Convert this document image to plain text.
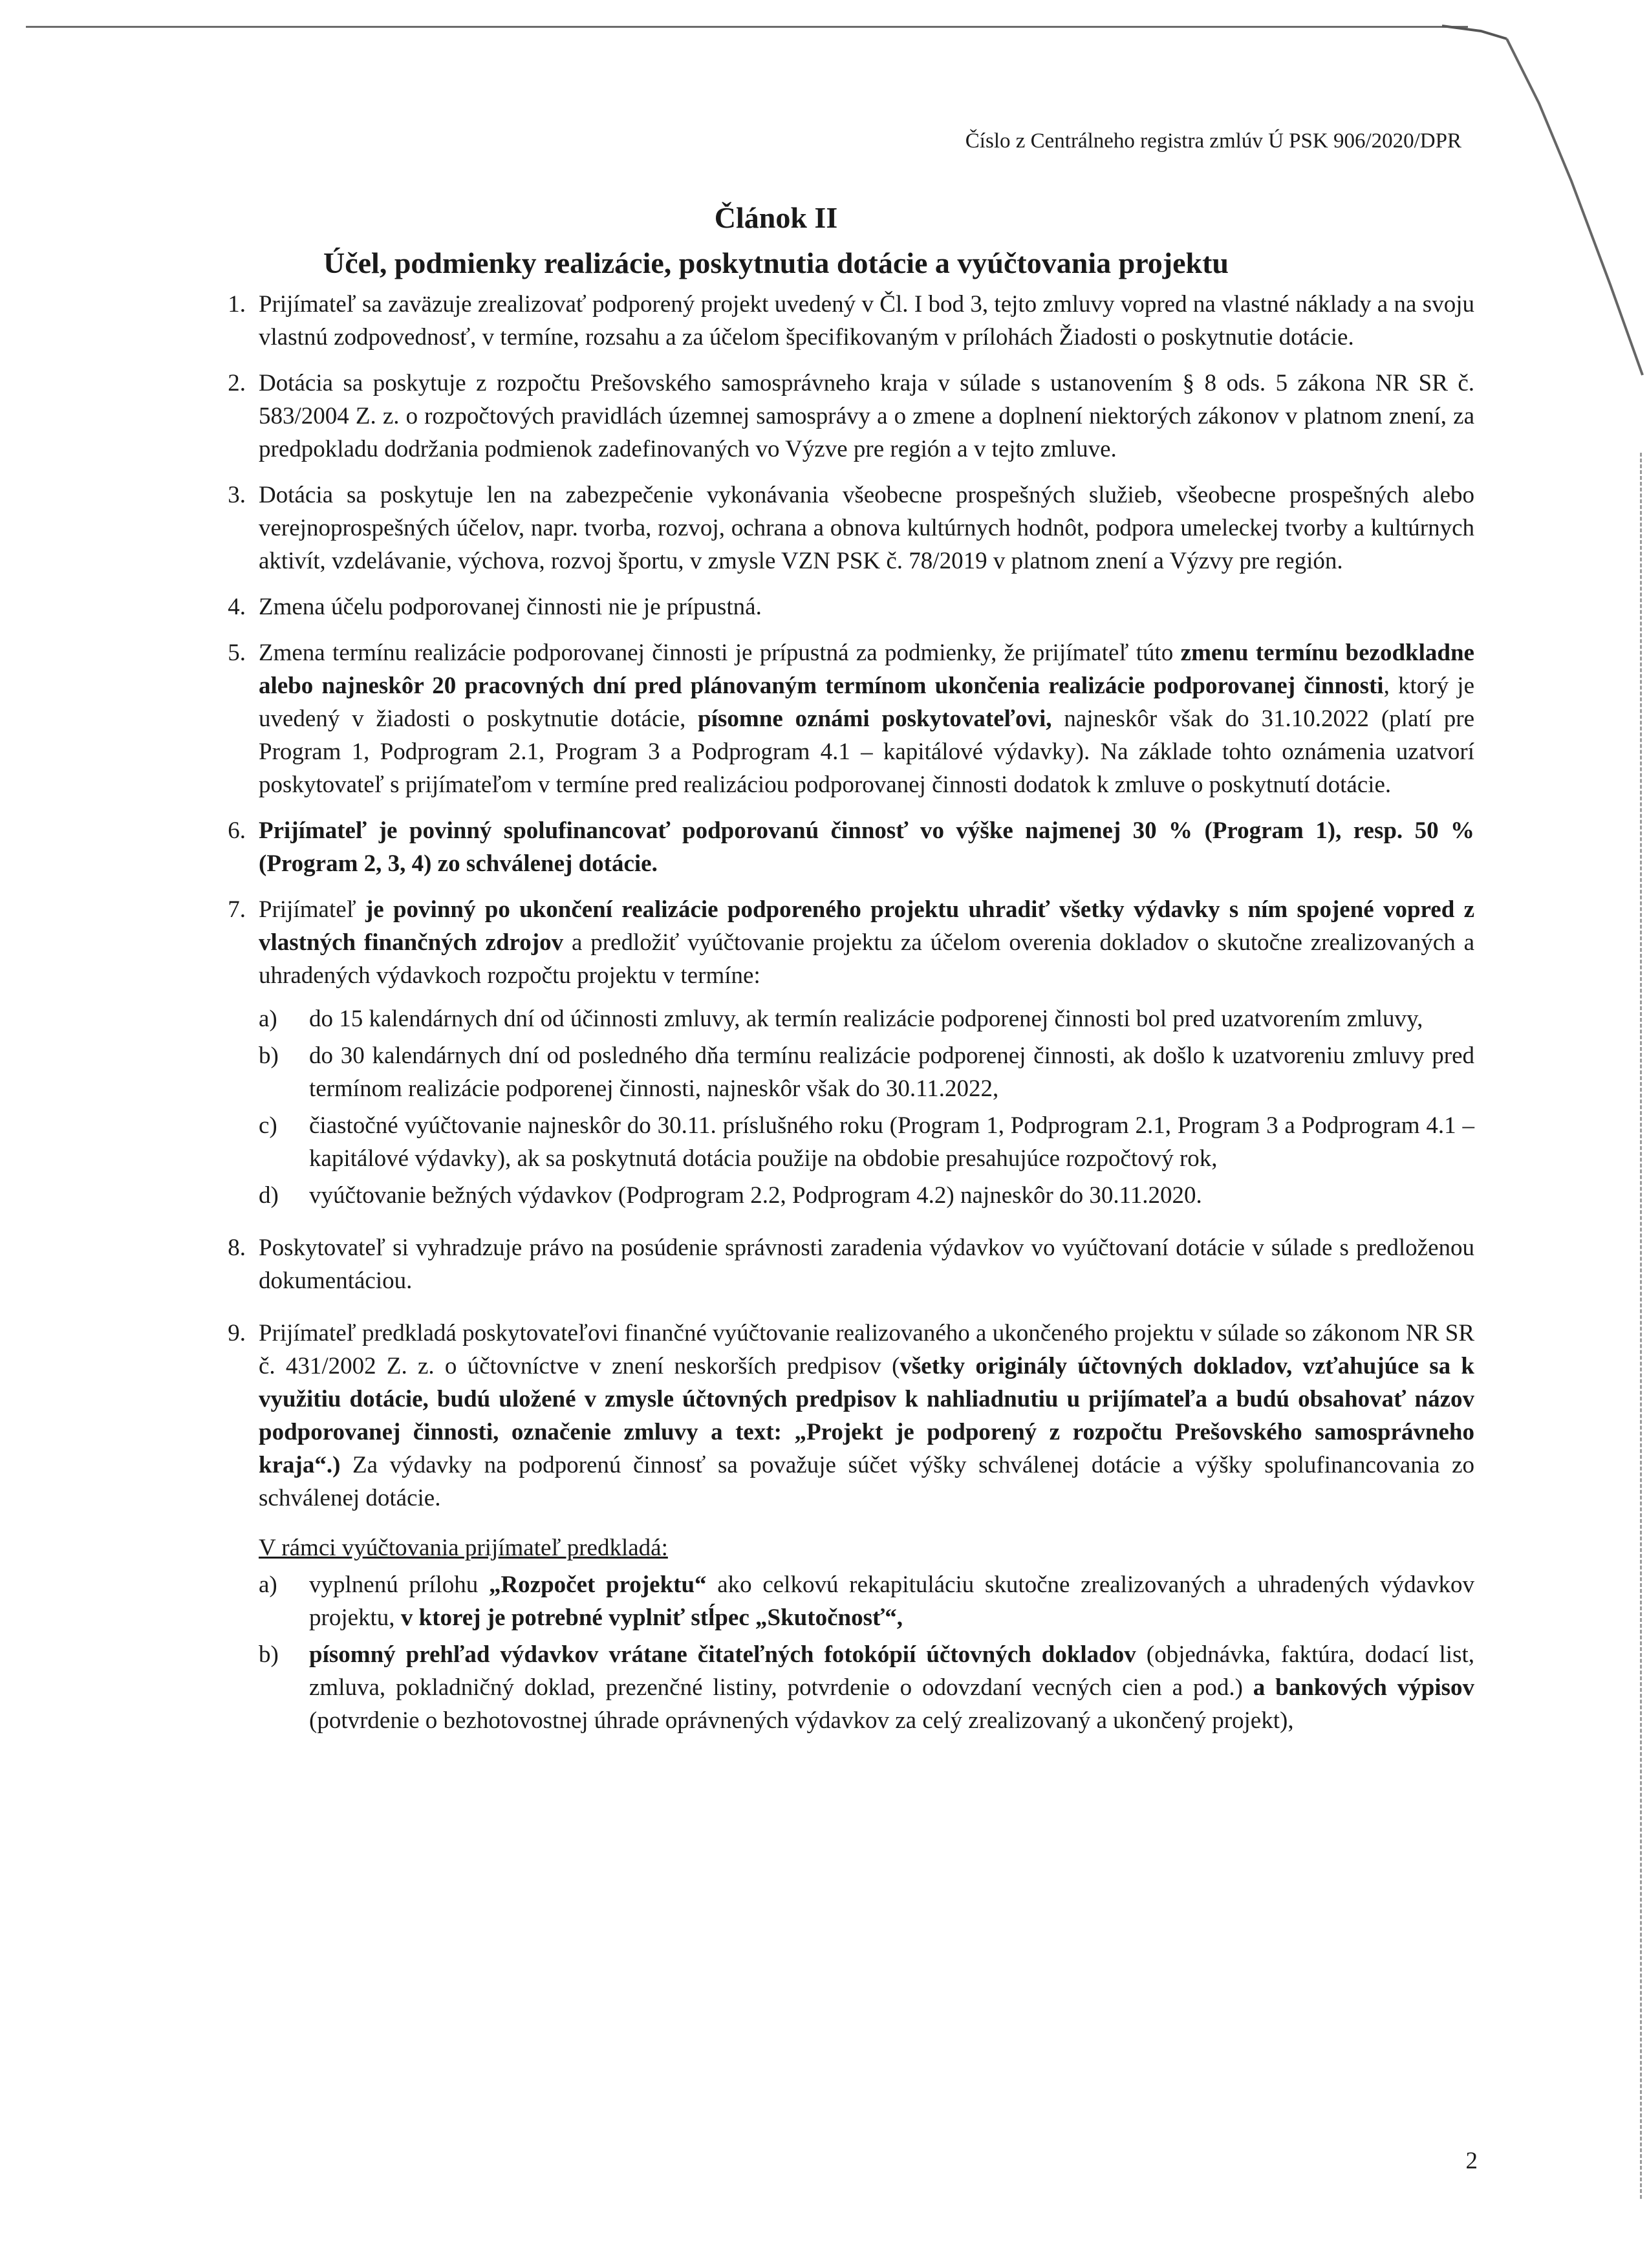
Číslo z Centrálneho registra zmlúv Ú PSK 906/2020/DPR
Článok II
Účel, podmienky realizácie, poskytnutia dotácie a vyúčtovania projektu
1. Prijímateľ sa zaväzuje zrealizovať podporený projekt uvedený v Čl. I bod 3, tejto zmluvy vopred na vlastné náklady a na svoju vlastnú zodpovednosť, v termíne, rozsahu a za účelom špecifikovaným v prílohách Žiadosti o poskytnutie dotácie.
2. Dotácia sa poskytuje z rozpočtu Prešovského samosprávneho kraja v súlade s ustanovením § 8 ods. 5 zákona NR SR č. 583/2004 Z. z. o rozpočtových pravidlách územnej samosprávy a o zmene a doplnení niektorých zákonov v platnom znení, za predpokladu dodržania podmienok zadefinovaných vo Výzve pre región a v tejto zmluve.
3. Dotácia sa poskytuje len na zabezpečenie vykonávania všeobecne prospešných služieb, všeobecne prospešných alebo verejnoprospešných účelov, napr. tvorba, rozvoj, ochrana a obnova kultúrnych hodnôt, podpora umeleckej tvorby a kultúrnych aktivít, vzdelávanie, výchova, rozvoj športu, v zmysle VZN PSK č. 78/2019 v platnom znení a Výzvy pre región.
4. Zmena účelu podporovanej činnosti nie je prípustná.
5. Zmena termínu realizácie podporovanej činnosti je prípustná za podmienky, že prijímateľ túto zmenu termínu bezodkladne alebo najneskôr 20 pracovných dní pred plánovaným termínom ukončenia realizácie podporovanej činnosti, ktorý je uvedený v žiadosti o poskytnutie dotácie, písomne oznámi poskytovateľovi, najneskôr však do 31.10.2022 (platí pre Program 1, Podprogram 2.1, Program 3 a Podprogram 4.1 – kapitálové výdavky). Na základe tohto oznámenia uzatvorí poskytovateľ s prijímateľom v termíne pred realizáciou podporovanej činnosti dodatok k zmluve o poskytnutí dotácie.
6. Prijímateľ je povinný spolufinancovať podporovanú činnosť vo výške najmenej 30 % (Program 1), resp. 50 % (Program 2, 3, 4) zo schválenej dotácie.
7. Prijímateľ je povinný po ukončení realizácie podporeného projektu uhradiť všetky výdavky s ním spojené vopred z vlastných finančných zdrojov a predložiť vyúčtovanie projektu za účelom overenia dokladov o skutočne zrealizovaných a uhradených výdavkoch rozpočtu projektu v termíne:
a) do 15 kalendárnych dní od účinnosti zmluvy, ak termín realizácie podporenej činnosti bol pred uzatvorením zmluvy,
b) do 30 kalendárnych dní od posledného dňa termínu realizácie podporenej činnosti, ak došlo k uzatvoreniu zmluvy pred termínom realizácie podporenej činnosti, najneskôr však do 30.11.2022,
c) čiastočné vyúčtovanie najneskôr do 30.11. príslušného roku (Program 1, Podprogram 2.1, Program 3 a Podprogram 4.1 – kapitálové výdavky), ak sa poskytnutá dotácia použije na obdobie presahujúce rozpočtový rok,
d) vyúčtovanie bežných výdavkov (Podprogram 2.2, Podprogram 4.2) najneskôr do 30.11.2020.
8. Poskytovateľ si vyhradzuje právo na posúdenie správnosti zaradenia výdavkov vo vyúčtovaní dotácie v súlade s predloženou dokumentáciou.
9. Prijímateľ predkladá poskytovateľovi finančné vyúčtovanie realizovaného a ukončeného projektu v súlade so zákonom NR SR č. 431/2002 Z. z. o účtovníctve v znení neskorších predpisov (všetky originály účtovných dokladov, vzťahujúce sa k využitiu dotácie, budú uložené v zmysle účtovných predpisov k nahliadnutiu u prijímateľa a budú obsahovať názov podporovanej činnosti, označenie zmluvy a text: „Projekt je podporený z rozpočtu Prešovského samosprávneho kraja“.) Za výdavky na podporenú činnosť sa považuje súčet výšky schválenej dotácie a výšky spolufinancovania zo schválenej dotácie.
V rámci vyúčtovania prijímateľ predkladá:
a) vyplnenú prílohu „Rozpočet projektu“ ako celkovú rekapituláciu skutočne zrealizovaných a uhradených výdavkov projektu, v ktorej je potrebné vyplniť stĺpec „Skutočnosť“,
b) písomný prehľad výdavkov vrátane čitateľných fotokópií účtovných dokladov (objednávka, faktúra, dodací list, zmluva, pokladničný doklad, prezenčné listiny, potvrdenie o odovzdaní vecných cien a pod.) a bankových výpisov (potvrdenie o bezhotovostnej úhrade oprávnených výdavkov za celý zrealizovaný a ukončený projekt),
2
